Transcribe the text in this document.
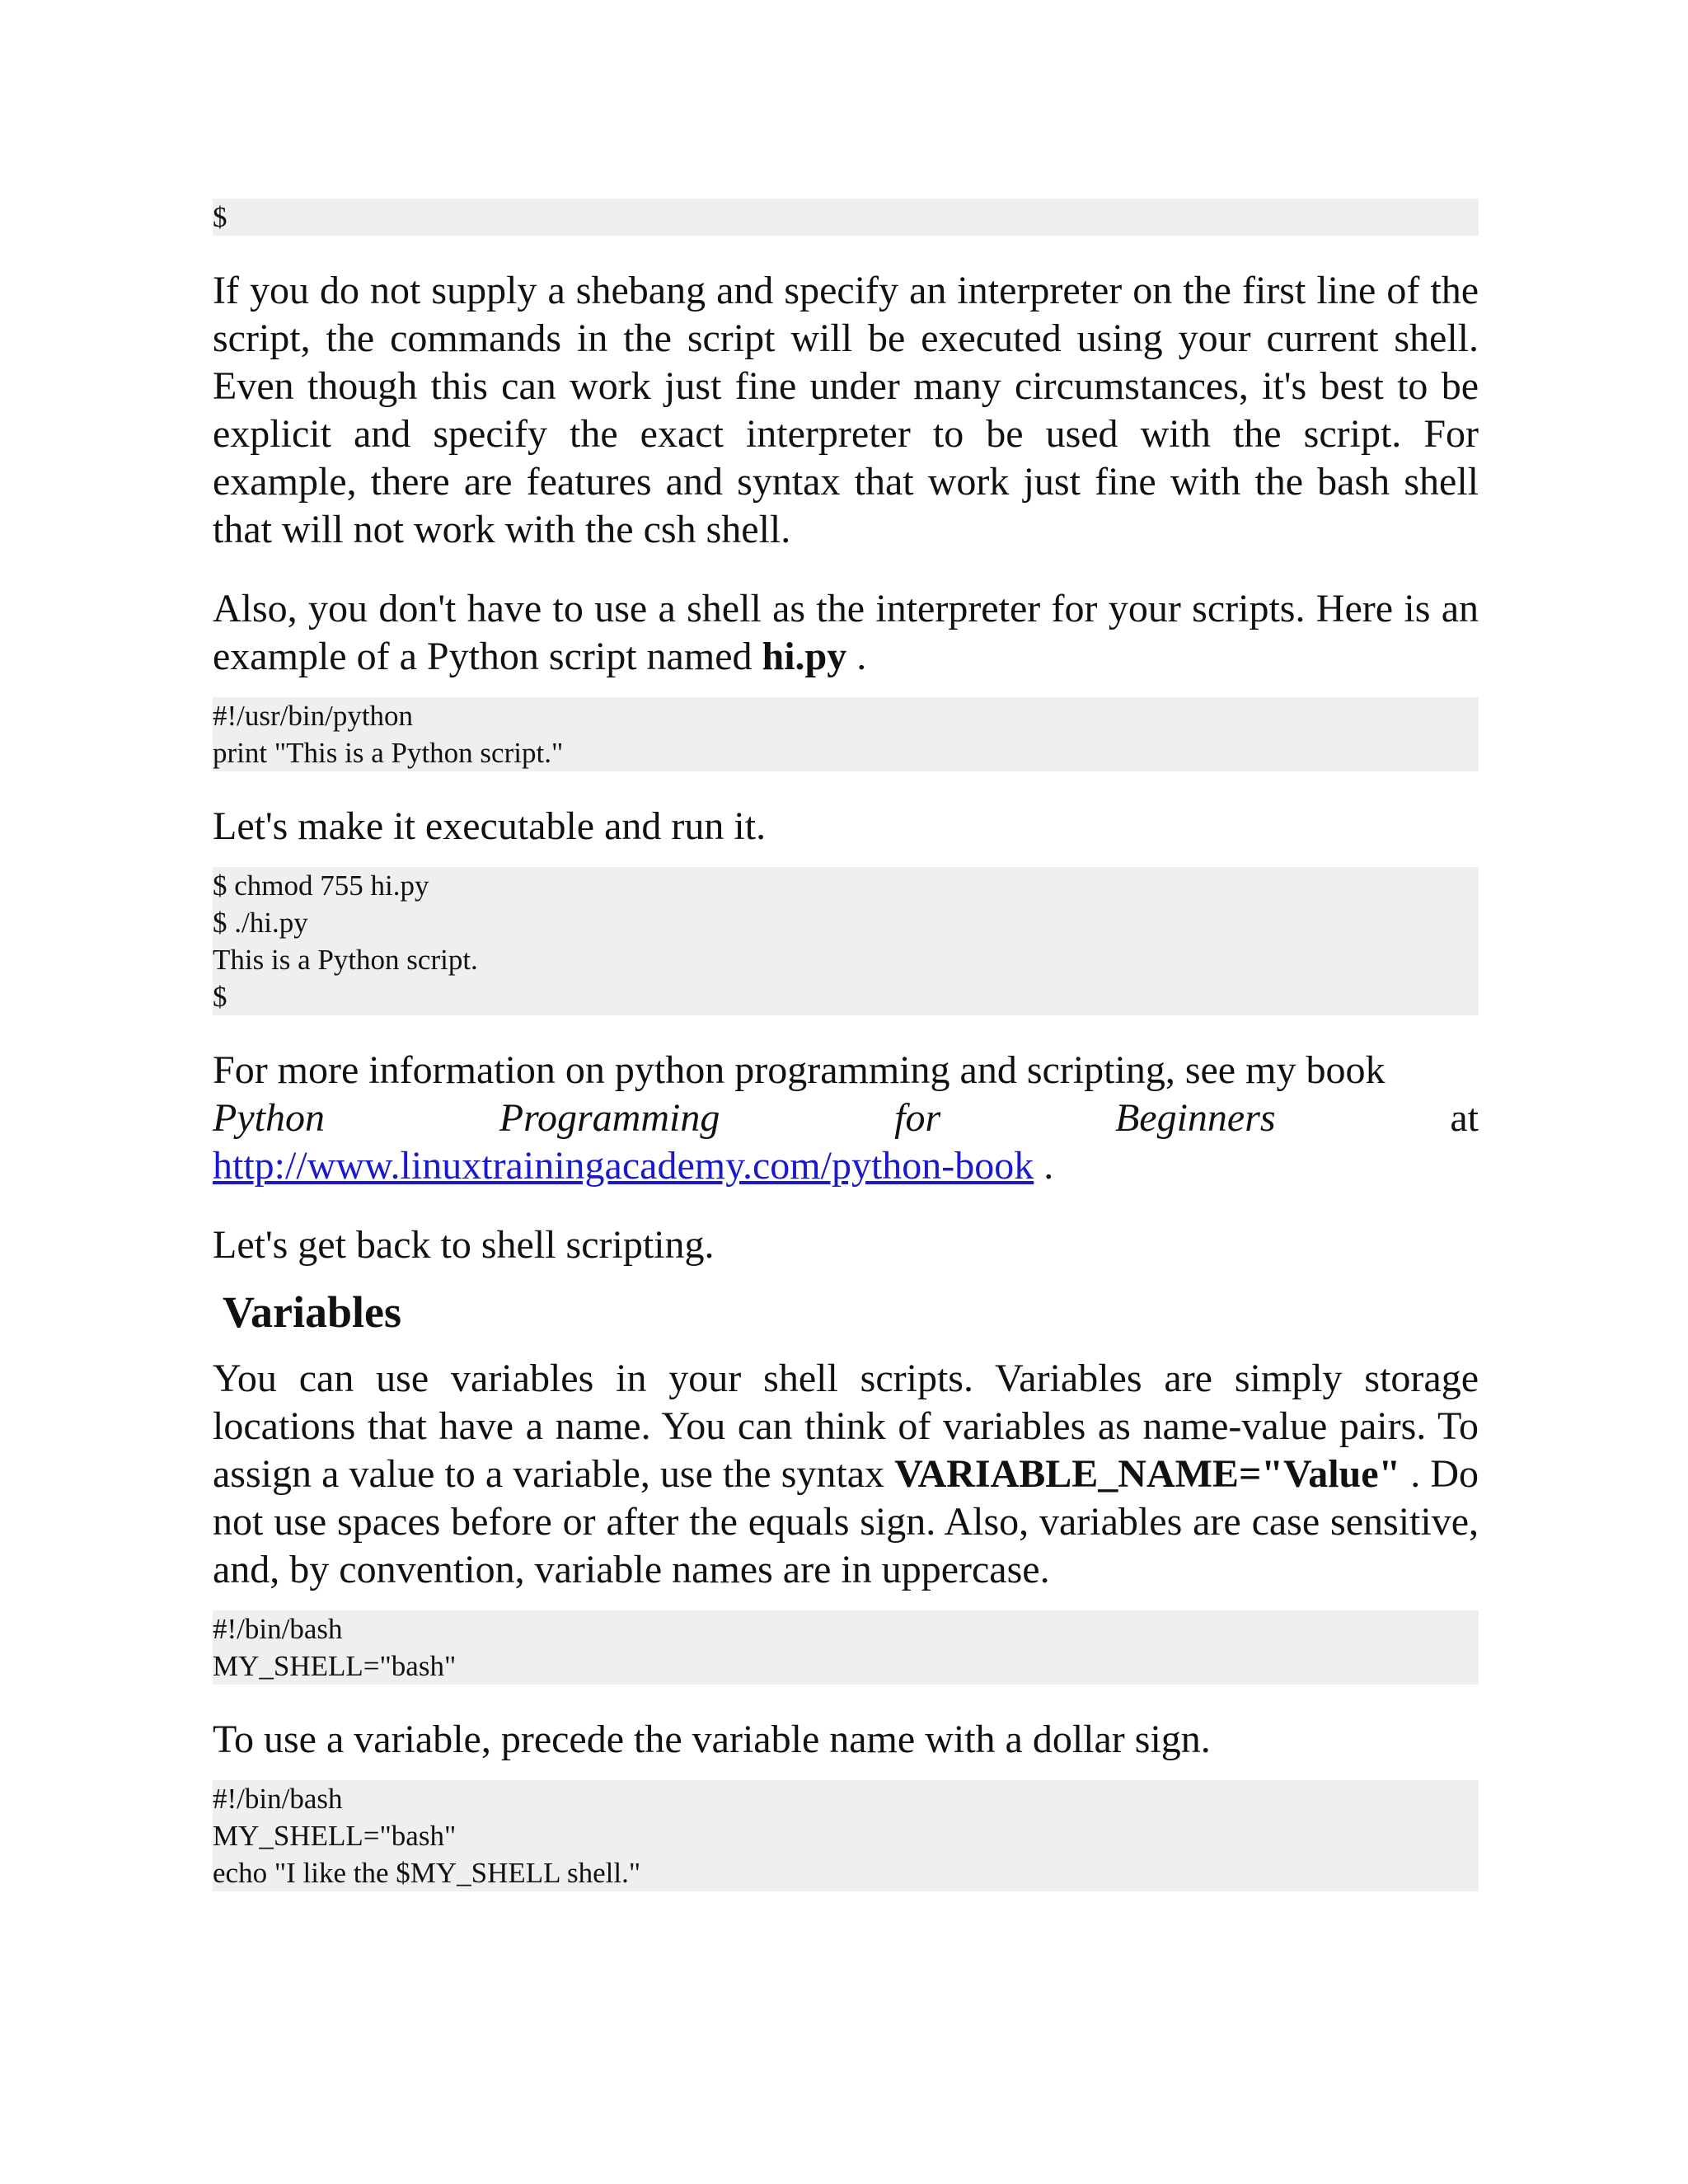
$

If you do not supply a shebang and specify an interpreter on the first line of the script, the commands in the script will be executed using your current shell. Even though this can work just fine under many circumstances, it's best to be explicit and specify the exact interpreter to be used with the script. For example, there are features and syntax that work just fine with the bash shell that will not work with the csh shell.

Also, you don't have to use a shell as the interpreter for your scripts. Here is an example of a Python script named hi.py .

#!/usr/bin/python
print "This is a Python script."

Let's make it executable and run it.

$ chmod 755 hi.py
$ ./hi.py
This is a Python script.
$

For more information on python programming and scripting, see my book

Python	Programming	for	Beginners	at

http://www.linuxtrainingacademy.com/python-book .

Let's get back to shell scripting.

Variables

You can use variables in your shell scripts. Variables are simply storage locations that have a name. You can think of variables as name-value pairs. To assign a value to a variable, use the syntax VARIABLE_NAME="Value" . Do not use spaces before or after the equals sign. Also, variables are case sensitive, and, by convention, variable names are in uppercase.

#!/bin/bash
MY_SHELL="bash"

To use a variable, precede the variable name with a dollar sign.

#!/bin/bash
MY_SHELL="bash"
echo "I like the $MY_SHELL shell."
